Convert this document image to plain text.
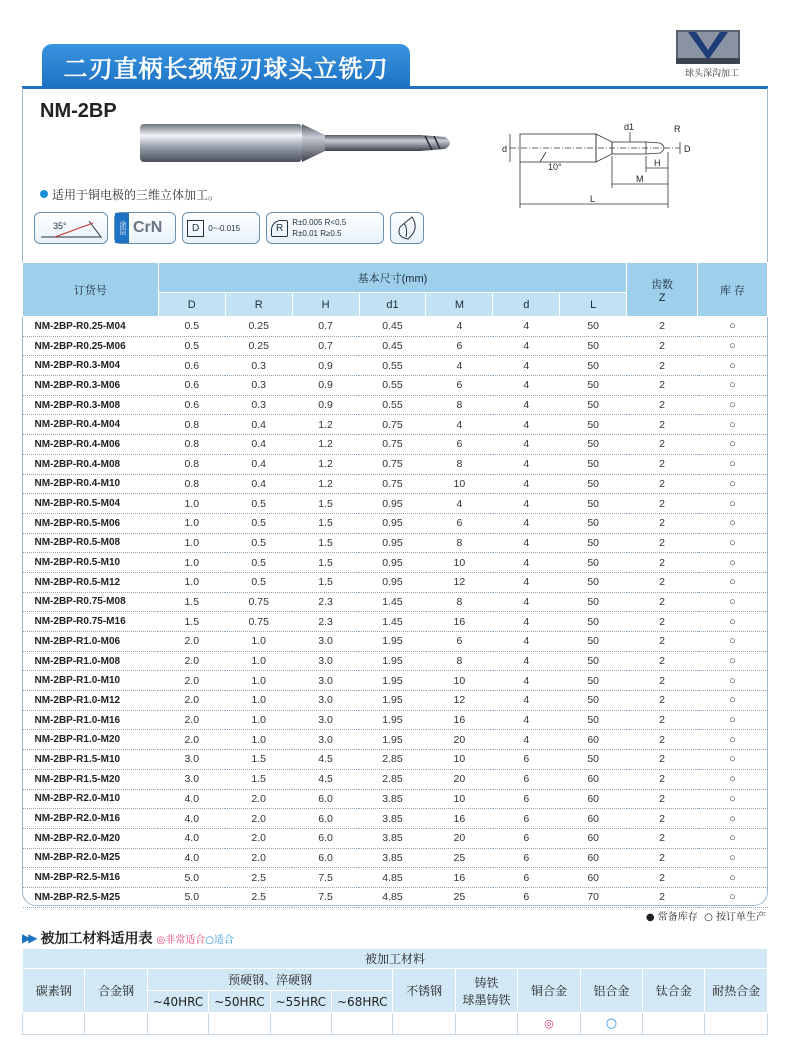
二刃直柄长颈短刃球头立铣刀	球头深沟加工
NM-2BP
d
d1	R
D
H
M
L
10°
适用于铜电极的三维立体加工。
35°	涂层 CrN	D	0~-0.015	R	R±0.005 R<0.5
R±0.01 R≥0.5
订货号	基本尺寸(mm)							齿数
Z	库 存
	D	R	H	d1	M	d	L		
NM-2BP-R0.25-M04	0.5	0.25	0.7	0.45	4	4	50	2	○
NM-2BP-R0.25-M06	0.5	0.25	0.7	0.45	6	4	50	2	○
NM-2BP-R0.3-M04	0.6	0.3	0.9	0.55	4	4	50	2	○
NM-2BP-R0.3-M06	0.6	0.3	0.9	0.55	6	4	50	2	○
NM-2BP-R0.3-M08	0.6	0.3	0.9	0.55	8	4	50	2	○
NM-2BP-R0.4-M04	0.8	0.4	1.2	0.75	4	4	50	2	○
NM-2BP-R0.4-M06	0.8	0.4	1.2	0.75	6	4	50	2	○
NM-2BP-R0.4-M08	0.8	0.4	1.2	0.75	8	4	50	2	○
NM-2BP-R0.4-M10	0.8	0.4	1.2	0.75	10	4	50	2	○
NM-2BP-R0.5-M04	1.0	0.5	1.5	0.95	4	4	50	2	○
NM-2BP-R0.5-M06	1.0	0.5	1.5	0.95	6	4	50	2	○
NM-2BP-R0.5-M08	1.0	0.5	1.5	0.95	8	4	50	2	○
NM-2BP-R0.5-M10	1.0	0.5	1.5	0.95	10	4	50	2	○
NM-2BP-R0.5-M12	1.0	0.5	1.5	0.95	12	4	50	2	○
NM-2BP-R0.75-M08	1.5	0.75	2.3	1.45	8	4	50	2	○
NM-2BP-R0.75-M16	1.5	0.75	2.3	1.45	16	4	50	2	○
NM-2BP-R1.0-M06	2.0	1.0	3.0	1.95	6	4	50	2	○
NM-2BP-R1.0-M08	2.0	1.0	3.0	1.95	8	4	50	2	○
NM-2BP-R1.0-M10	2.0	1.0	3.0	1.95	10	4	50	2	○
NM-2BP-R1.0-M12	2.0	1.0	3.0	1.95	12	4	50	2	○
NM-2BP-R1.0-M16	2.0	1.0	3.0	1.95	16	4	50	2	○
NM-2BP-R1.0-M20	2.0	1.0	3.0	1.95	20	4	60	2	○
NM-2BP-R1.5-M10	3.0	1.5	4.5	2.85	10	6	50	2	○
NM-2BP-R1.5-M20	3.0	1.5	4.5	2.85	20	6	60	2	○
NM-2BP-R2.0-M10	4.0	2.0	6.0	3.85	10	6	60	2	○
NM-2BP-R2.0-M16	4.0	2.0	6.0	3.85	16	6	60	2	○
NM-2BP-R2.0-M20	4.0	2.0	6.0	3.85	20	6	60	2	○
NM-2BP-R2.0-M25	4.0	2.0	6.0	3.85	25	6	60	2	○
NM-2BP-R2.5-M16	5.0	2.5	7.5	4.85	16	6	60	2	○
NM-2BP-R2.5-M25	5.0	2.5	7.5	4.85	25	6	70	2	○
● 常备库存 ○ 按订单生产
▶▶ 被加工材料适用表 ◎非常适合○适合
被加工材料											
碳素钢	合金钢	预硬钢、淬硬钢				不锈钢	铸铁
球墨铸铁	铜合金	铝合金	钛合金	耐热合金
		~40HRC	~50HRC	~55HRC	~68HRC						
								◎	○		
